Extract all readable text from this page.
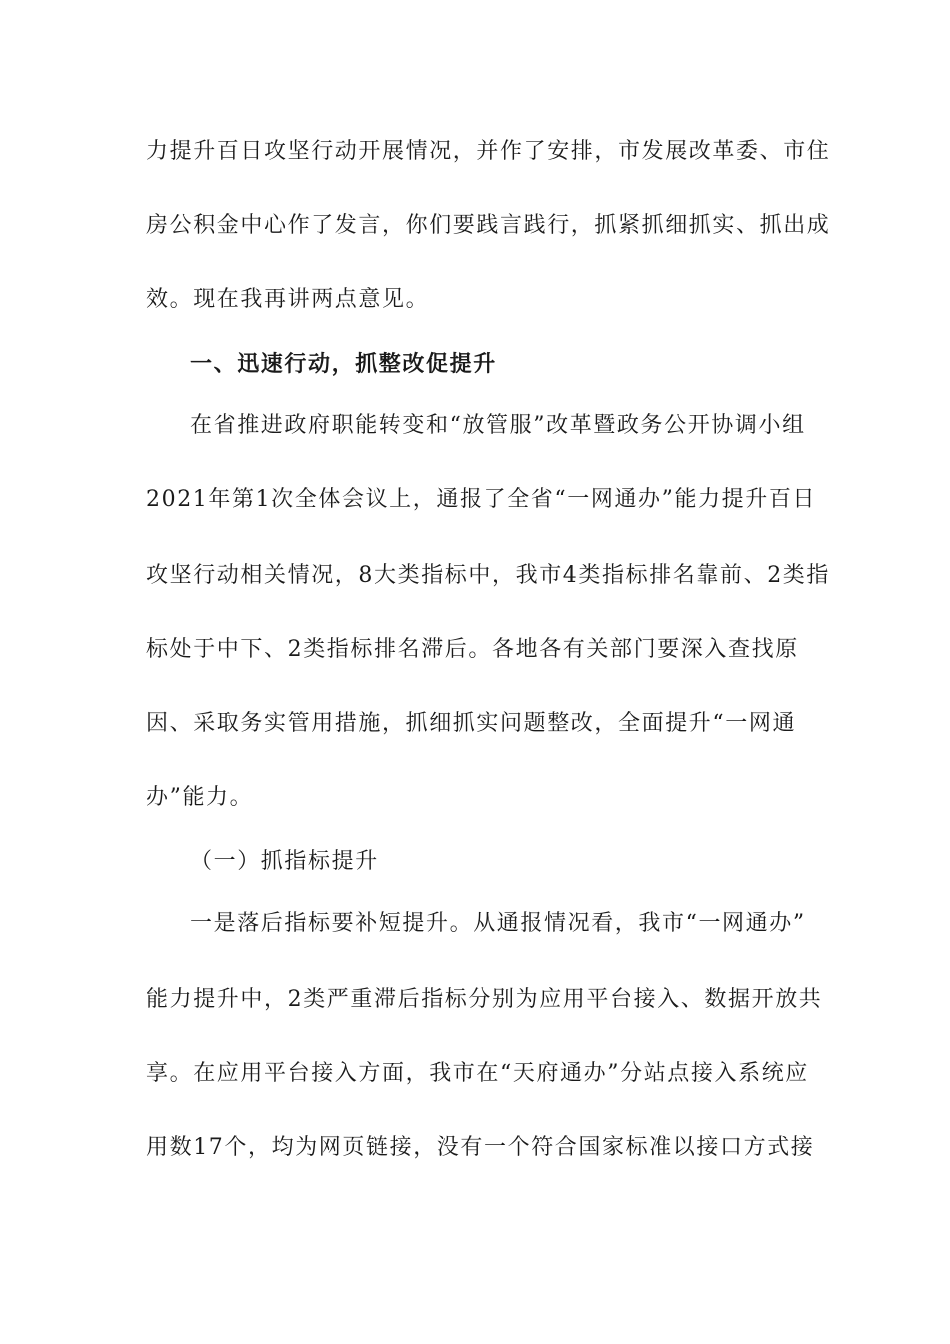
力提升百日攻坚行动开展情况，并作了安排，市发展改革委、市住
房公积金中心作了发言，你们要践言践行，抓紧抓细抓实、抓出成
效。现在我再讲两点意见。
一、迅速行动，抓整改促提升
在省推进政府职能转变和“放管服”改革暨政务公开协调小组
2021年第1次全体会议上，通报了全省“一网通办”能力提升百日
攻坚行动相关情况，8大类指标中，我市4类指标排名靠前、2类指
标处于中下、2类指标排名滞后。各地各有关部门要深入查找原
因、采取务实管用措施，抓细抓实问题整改，全面提升“一网通
办”能力。
（一）抓指标提升
一是落后指标要补短提升。从通报情况看，我市“一网通办”
能力提升中，2类严重滞后指标分别为应用平台接入、数据开放共
享。在应用平台接入方面，我市在“天府通办”分站点接入系统应
用数17个，均为网页链接，没有一个符合国家标准以接口方式接
